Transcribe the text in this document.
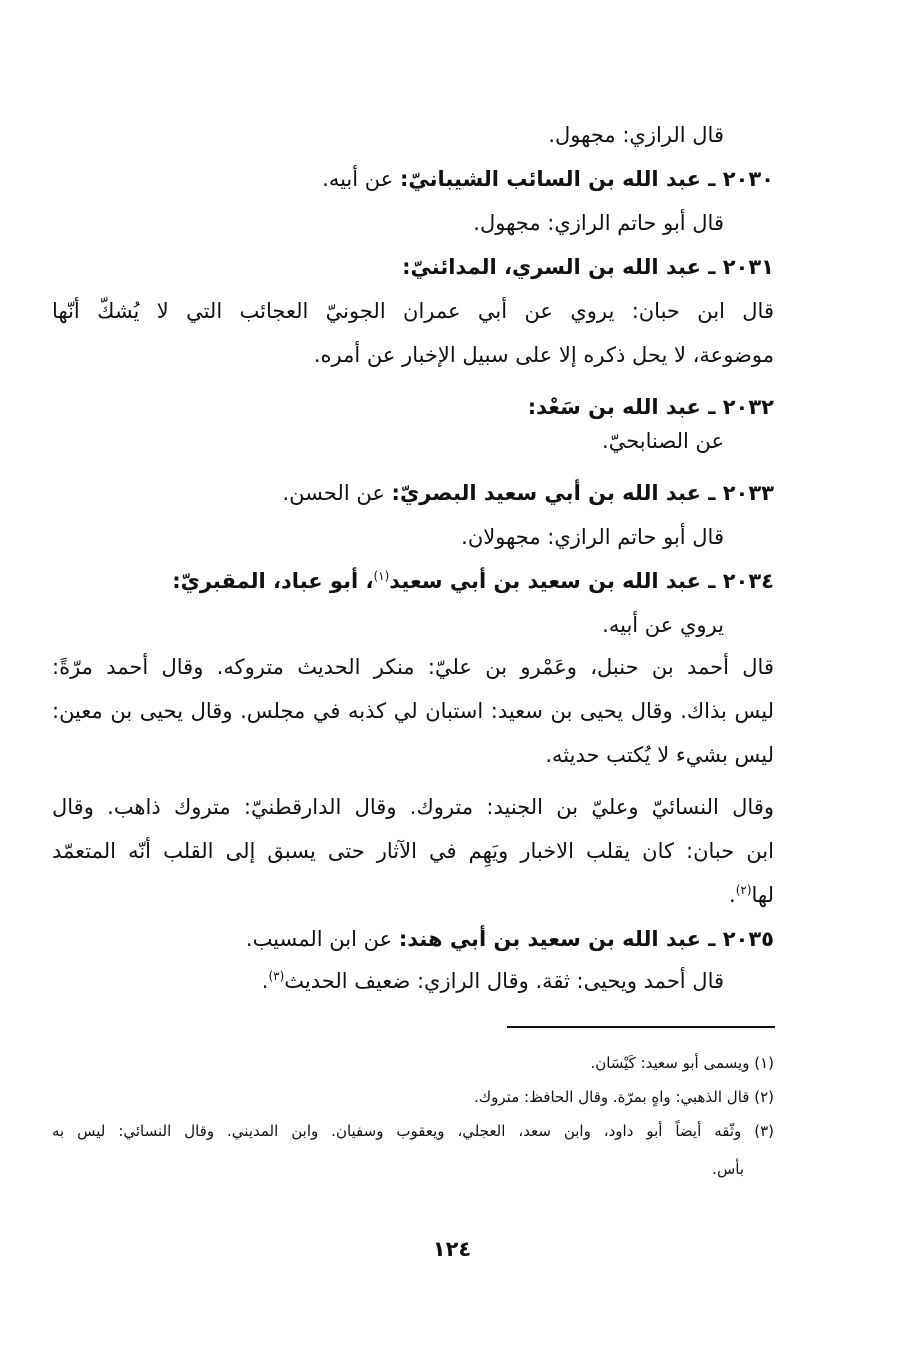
قال الرازي: مجهول.
٢٠٣٠ ـ عبد الله بن السائب الشيبانيّ: عن أبيه.
قال أبو حاتم الرازي: مجهول.
٢٠٣١ ـ عبد الله بن السري، المدائنيّ:
قال ابن حبان: يروي عن أبي عمران الجونيّ العجائب التي لا يُشكّ أنّها
موضوعة، لا يحل ذكره إلا على سبيل الإخبار عن أمره.
٢٠٣٢ ـ عبد الله بن سَعْد:
عن الصنابحيّ.
٢٠٣٣ ـ عبد الله بن أبي سعيد البصريّ: عن الحسن.
قال أبو حاتم الرازي: مجهولان.
٢٠٣٤ ـ عبد الله بن سعيد بن أبي سعيد$^{(١)}$، أبو عباد، المقبريّ:
يروي عن أبيه.
قال أحمد بن حنبل، وعَمْرو بن عليّ: منكر الحديث متروكه. وقال أحمد مرّةً:
ليس بذاك. وقال يحيى بن سعيد: استبان لي كذبه في مجلس. وقال يحيى بن معين:
ليس بشيء لا يُكتب حديثه.
وقال النسائيّ وعليّ بن الجنيد: متروك. وقال الدارقطنيّ: متروك ذاهب. وقال
ابن حبان: كان يقلب الاخبار ويَهِم في الآثار حتى يسبق إلى القلب أنّه المتعمّد
لها$^{(٢)}$.
٢٠٣٥ ـ عبد الله بن سعيد بن أبي هند: عن ابن المسيب.
قال أحمد ويحيى: ثقة. وقال الرازي: ضعيف الحديث$^{(٣)}$.
(١) ويسمى أبو سعيد: كَيْسَان.
(٢) قال الذهبي: واهٍ بمرّة. وقال الحافظ: متروك.
(٣) وثّقه أيضاً أبو داود، وابن سعد، العجلي، ويعقوب وسفيان. وابن المديني. وقال النسائي: ليس به
بأس.
١٢٤
